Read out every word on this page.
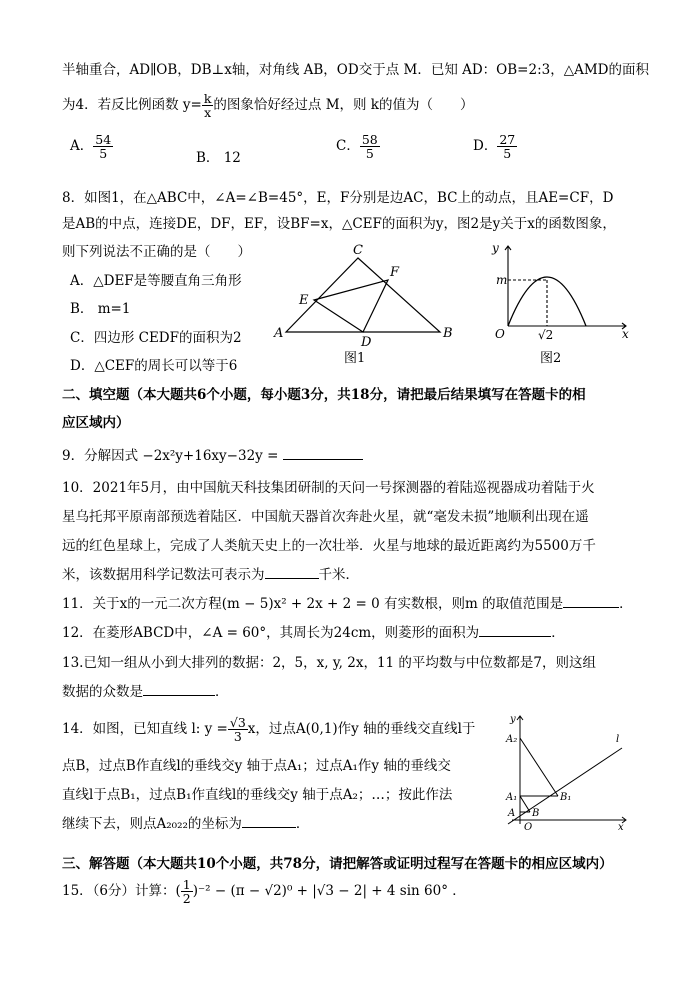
半轴重合，AD∥OB，DB⊥x轴，对角线 AB，OD交于点 M．已知 AD：OB=2:3，△AMD的面积
为4．若反比例函数 $y= \frac{k}{x}$ 的图象恰好经过点 M，则 k的值为（　　）
A． $\frac{54}{5}$	B． 12
C． $\frac{58}{5}$	D． $\frac{27}{5}$
8．如图1，在△ABC中，∠A=∠B=45°，E，F分别是边AC，BC上的动点，且AE=CF，D
是AB的中点，连接DE，DF，EF，设BF=x，△CEF的面积为y，图2是y关于x的函数图象，
则下列说法不正确的是（　　）
A．△DEF是等腰直角三角形
B． m=1
C．四边形 CEDF的面积为2
D．△CEF的周长可以等于6
C
F
E
A
D
B
图1
y
m
O	√2	x
图2
二、填空题（本大题共6个小题，每小题3分，共18分，请把最后结果填写在答题卡的相
应区域内）
9．分解因式 −2x²y+16xy−32y =
10．2021年5月，由中国航天科技集团研制的天问一号探测器的着陆巡视器成功着陆于火
星乌托邦平原南部预选着陆区．中国航天器首次奔赴火星，就“毫发未损”地顺利出现在遥
远的红色星球上，完成了人类航天史上的一次壮举．火星与地球的最近距离约为5500万千
米，该数据用科学记数法可表示为	千米．
11．关于x的一元二次方程(m − 5)x² + 2x + 2 = 0 有实数根，则m 的取值范围是	．
12．在菱形ABCD中，∠A = 60°，其周长为24cm，则菱形的面积为	．
13.已知一组从小到大排列的数据：2，5，x, y, 2x，11 的平均数与中位数都是7，则这组
数据的众数是	．
14．如图，已知直线 l: $y = \frac{√3}{3}$ x，过点A(0,1)作y 轴的垂线交直线l于
点B，过点B作直线l的垂线交y 轴于点A₁；过点A₁作y 轴的垂线交
直线l于点B₁，过点B₁作直线l的垂线交y 轴于点A₂；…；按此作法
继续下去，则点A₂₀₂₂的坐标为	．
y
A₂	l
A₁	B₁
A B
O	x
三、解答题（本大题共10个小题，共78分，请把解答或证明过程写在答题卡的相应区域内）
15．（6分）计算：( $\frac{1}{2} )^{-2} - (\pi - √2)^0 + |√3 - 2| + 4$ sin 60° ．
